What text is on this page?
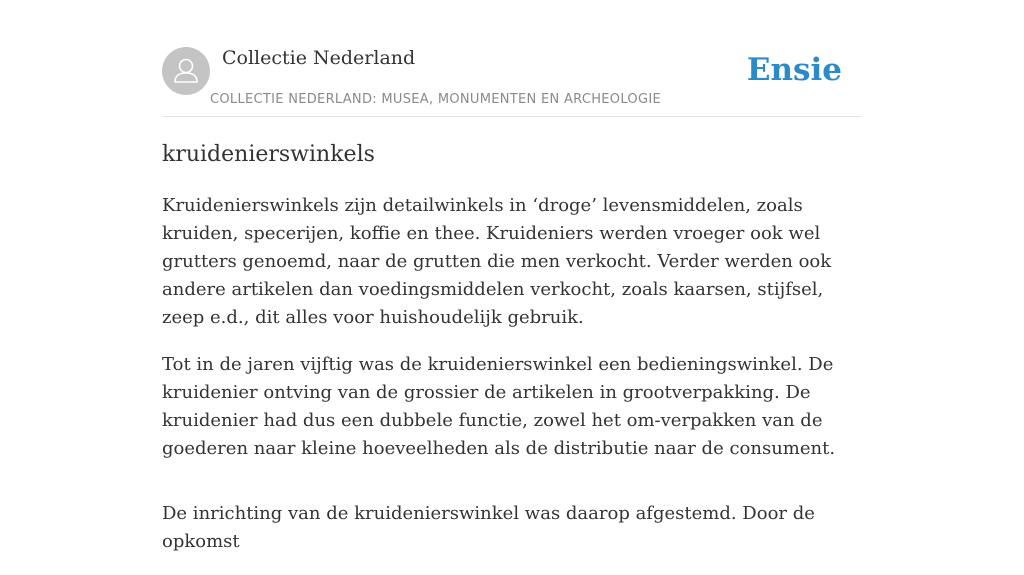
Collectie Nederland
COLLECTIE NEDERLAND: MUSEA, MONUMENTEN EN ARCHEOLOGIE
Ensie
kruidenierswinkels

Kruidenierswinkels zijn detailwinkels in ‘droge’ levensmiddelen, zoals kruiden, specerijen, koffie en thee. Kruideniers werden vroeger ook wel grutters genoemd, naar de grutten die men verkocht. Verder werden ook andere artikelen dan voedingsmiddelen verkocht, zoals kaarsen, stijfsel, zeep e.d., dit alles voor huishoudelijk gebruik.

Tot in de jaren vijftig was de kruidenierswinkel een bedieningswinkel. De kruidenier ontving van de grossier de artikelen in grootverpakking. De kruidenier had dus een dubbele functie, zowel het om-verpakken van de goederen naar kleine hoeveelheden als de distributie naar de consument.

De inrichting van de kruidenierswinkel was daarop afgestemd. Door de opkomst
